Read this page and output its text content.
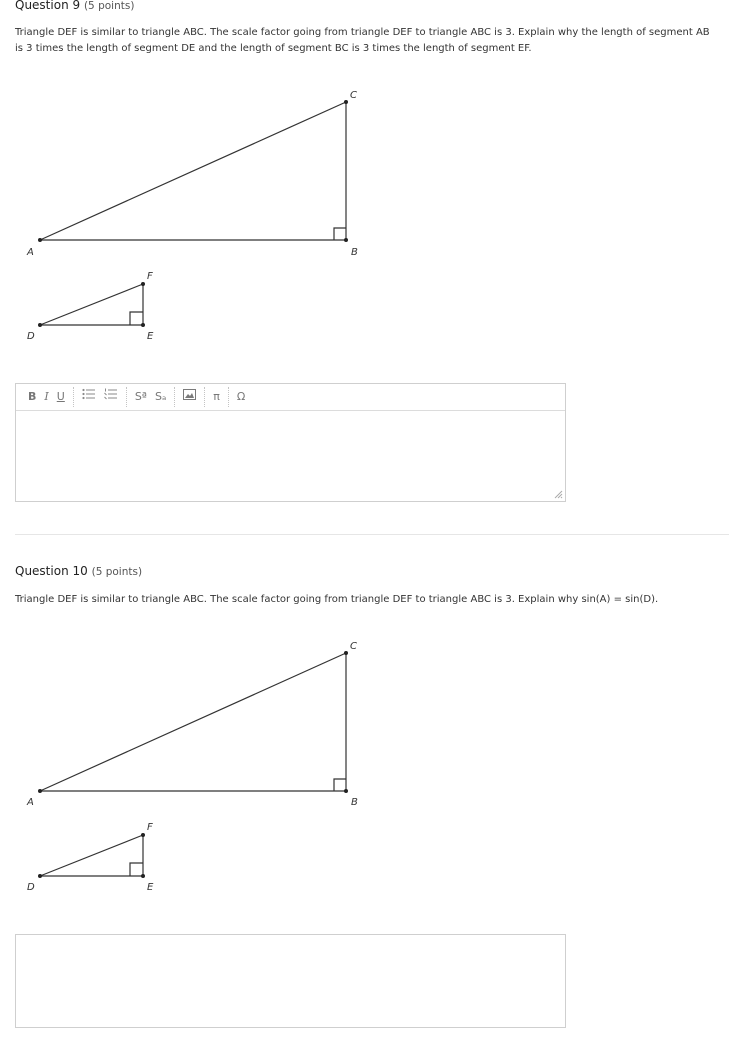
Question 9 (5 points)
Triangle DEF is similar to triangle ABC. The scale factor going from triangle DEF to triangle ABC is 3. Explain why the length of segment AB is 3 times the length of segment DE and the length of segment BC is 3 times the length of segment EF.
A	B
C
D	E
F
B I U	Sª Sₐ	π	Ω
Question 10 (5 points)
Triangle DEF is similar to triangle ABC. The scale factor going from triangle DEF to triangle ABC is 3. Explain why sin(A) = sin(D).
A	B
C
D	E
F
